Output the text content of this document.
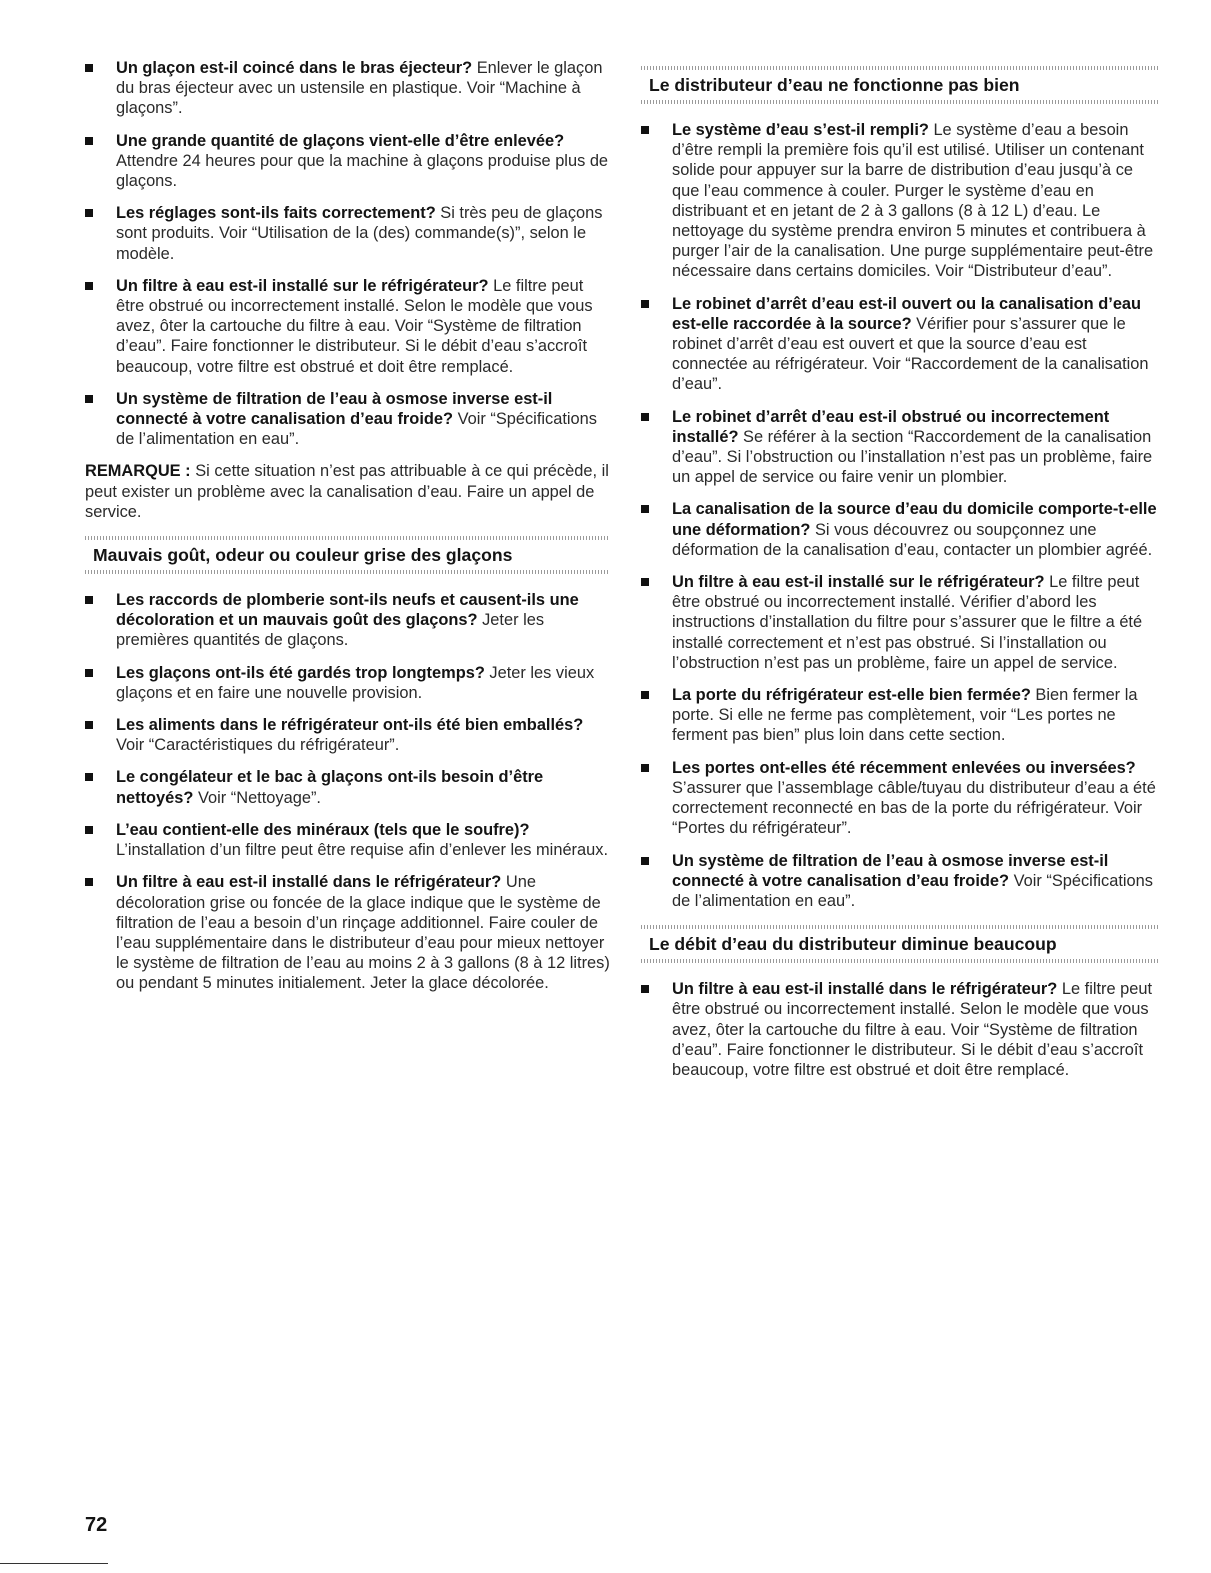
Un glaçon est-il coincé dans le bras éjecteur? Enlever le glaçon du bras éjecteur avec un ustensile en plastique. Voir “Machine à glaçons”.
Une grande quantité de glaçons vient-elle d’être enlevée? Attendre 24 heures pour que la machine à glaçons produise plus de glaçons.
Les réglages sont-ils faits correctement? Si très peu de glaçons sont produits. Voir “Utilisation de la (des) commande(s)”, selon le modèle.
Un filtre à eau est-il installé sur le réfrigérateur? Le filtre peut être obstrué ou incorrectement installé. Selon le modèle que vous avez, ôter la cartouche du filtre à eau. Voir “Système de filtration d’eau”. Faire fonctionner le distributeur. Si le débit d’eau s’accroît beaucoup, votre filtre est obstrué et doit être remplacé.
Un système de filtration de l’eau à osmose inverse est-il connecté à votre canalisation d’eau froide? Voir “Spécifications de l’alimentation en eau”.

REMARQUE : Si cette situation n’est pas attribuable à ce qui précède, il peut exister un problème avec la canalisation d’eau. Faire un appel de service.

Mauvais goût, odeur ou couleur grise des glaçons
Les raccords de plomberie sont-ils neufs et causent-ils une décoloration et un mauvais goût des glaçons? Jeter les premières quantités de glaçons.
Les glaçons ont-ils été gardés trop longtemps? Jeter les vieux glaçons et en faire une nouvelle provision.
Les aliments dans le réfrigérateur ont-ils été bien emballés? Voir “Caractéristiques du réfrigérateur”.
Le congélateur et le bac à glaçons ont-ils besoin d’être nettoyés? Voir “Nettoyage”.
L’eau contient-elle des minéraux (tels que le soufre)? L’installation d’un filtre peut être requise afin d’enlever les minéraux.
Un filtre à eau est-il installé dans le réfrigérateur? Une décoloration grise ou foncée de la glace indique que le système de filtration de l’eau a besoin d’un rinçage additionnel. Faire couler de l’eau supplémentaire dans le distributeur d’eau pour mieux nettoyer le système de filtration de l’eau au moins 2 à 3 gallons (8 à 12 litres) ou pendant 5 minutes initialement. Jeter la glace décolorée.
Le distributeur d’eau ne fonctionne pas bien
Le système d’eau s’est-il rempli? Le système d’eau a besoin d’être rempli la première fois qu’il est utilisé. Utiliser un contenant solide pour appuyer sur la barre de distribution d’eau jusqu’à ce que l’eau commence à couler. Purger le système d’eau en distribuant et en jetant de 2 à 3 gallons (8 à 12 L) d’eau. Le nettoyage du système prendra environ 5 minutes et contribuera à purger l’air de la canalisation. Une purge supplémentaire peut-être nécessaire dans certains domiciles. Voir “Distributeur d’eau”.
Le robinet d’arrêt d’eau est-il ouvert ou la canalisation d’eau est-elle raccordée à la source? Vérifier pour s’assurer que le robinet d’arrêt d’eau est ouvert et que la source d’eau est connectée au réfrigérateur. Voir “Raccordement de la canalisation d’eau”.
Le robinet d’arrêt d’eau est-il obstrué ou incorrectement installé? Se référer à la section “Raccordement de la canalisation d’eau”. Si l’obstruction ou l’installation n’est pas un problème, faire un appel de service ou faire venir un plombier.
La canalisation de la source d’eau du domicile comporte-t-elle une déformation? Si vous découvrez ou soupçonnez une déformation de la canalisation d’eau, contacter un plombier agréé.
Un filtre à eau est-il installé sur le réfrigérateur? Le filtre peut être obstrué ou incorrectement installé. Vérifier d’abord les instructions d’installation du filtre pour s’assurer que le filtre a été installé correctement et n’est pas obstrué. Si l’installation ou l’obstruction n’est pas un problème, faire un appel de service.
La porte du réfrigérateur est-elle bien fermée? Bien fermer la porte. Si elle ne ferme pas complètement, voir “Les portes ne ferment pas bien” plus loin dans cette section.
Les portes ont-elles été récemment enlevées ou inversées? S’assurer que l’assemblage câble/tuyau du distributeur d’eau a été correctement reconnecté en bas de la porte du réfrigérateur. Voir “Portes du réfrigérateur”.
Un système de filtration de l’eau à osmose inverse est-il connecté à votre canalisation d’eau froide? Voir “Spécifications de l’alimentation en eau”.
Le débit d’eau du distributeur diminue beaucoup
Un filtre à eau est-il installé dans le réfrigérateur? Le filtre peut être obstrué ou incorrectement installé. Selon le modèle que vous avez, ôter la cartouche du filtre à eau. Voir “Système de filtration d’eau”. Faire fonctionner le distributeur. Si le débit d’eau s’accroît beaucoup, votre filtre est obstrué et doit être remplacé.
72
